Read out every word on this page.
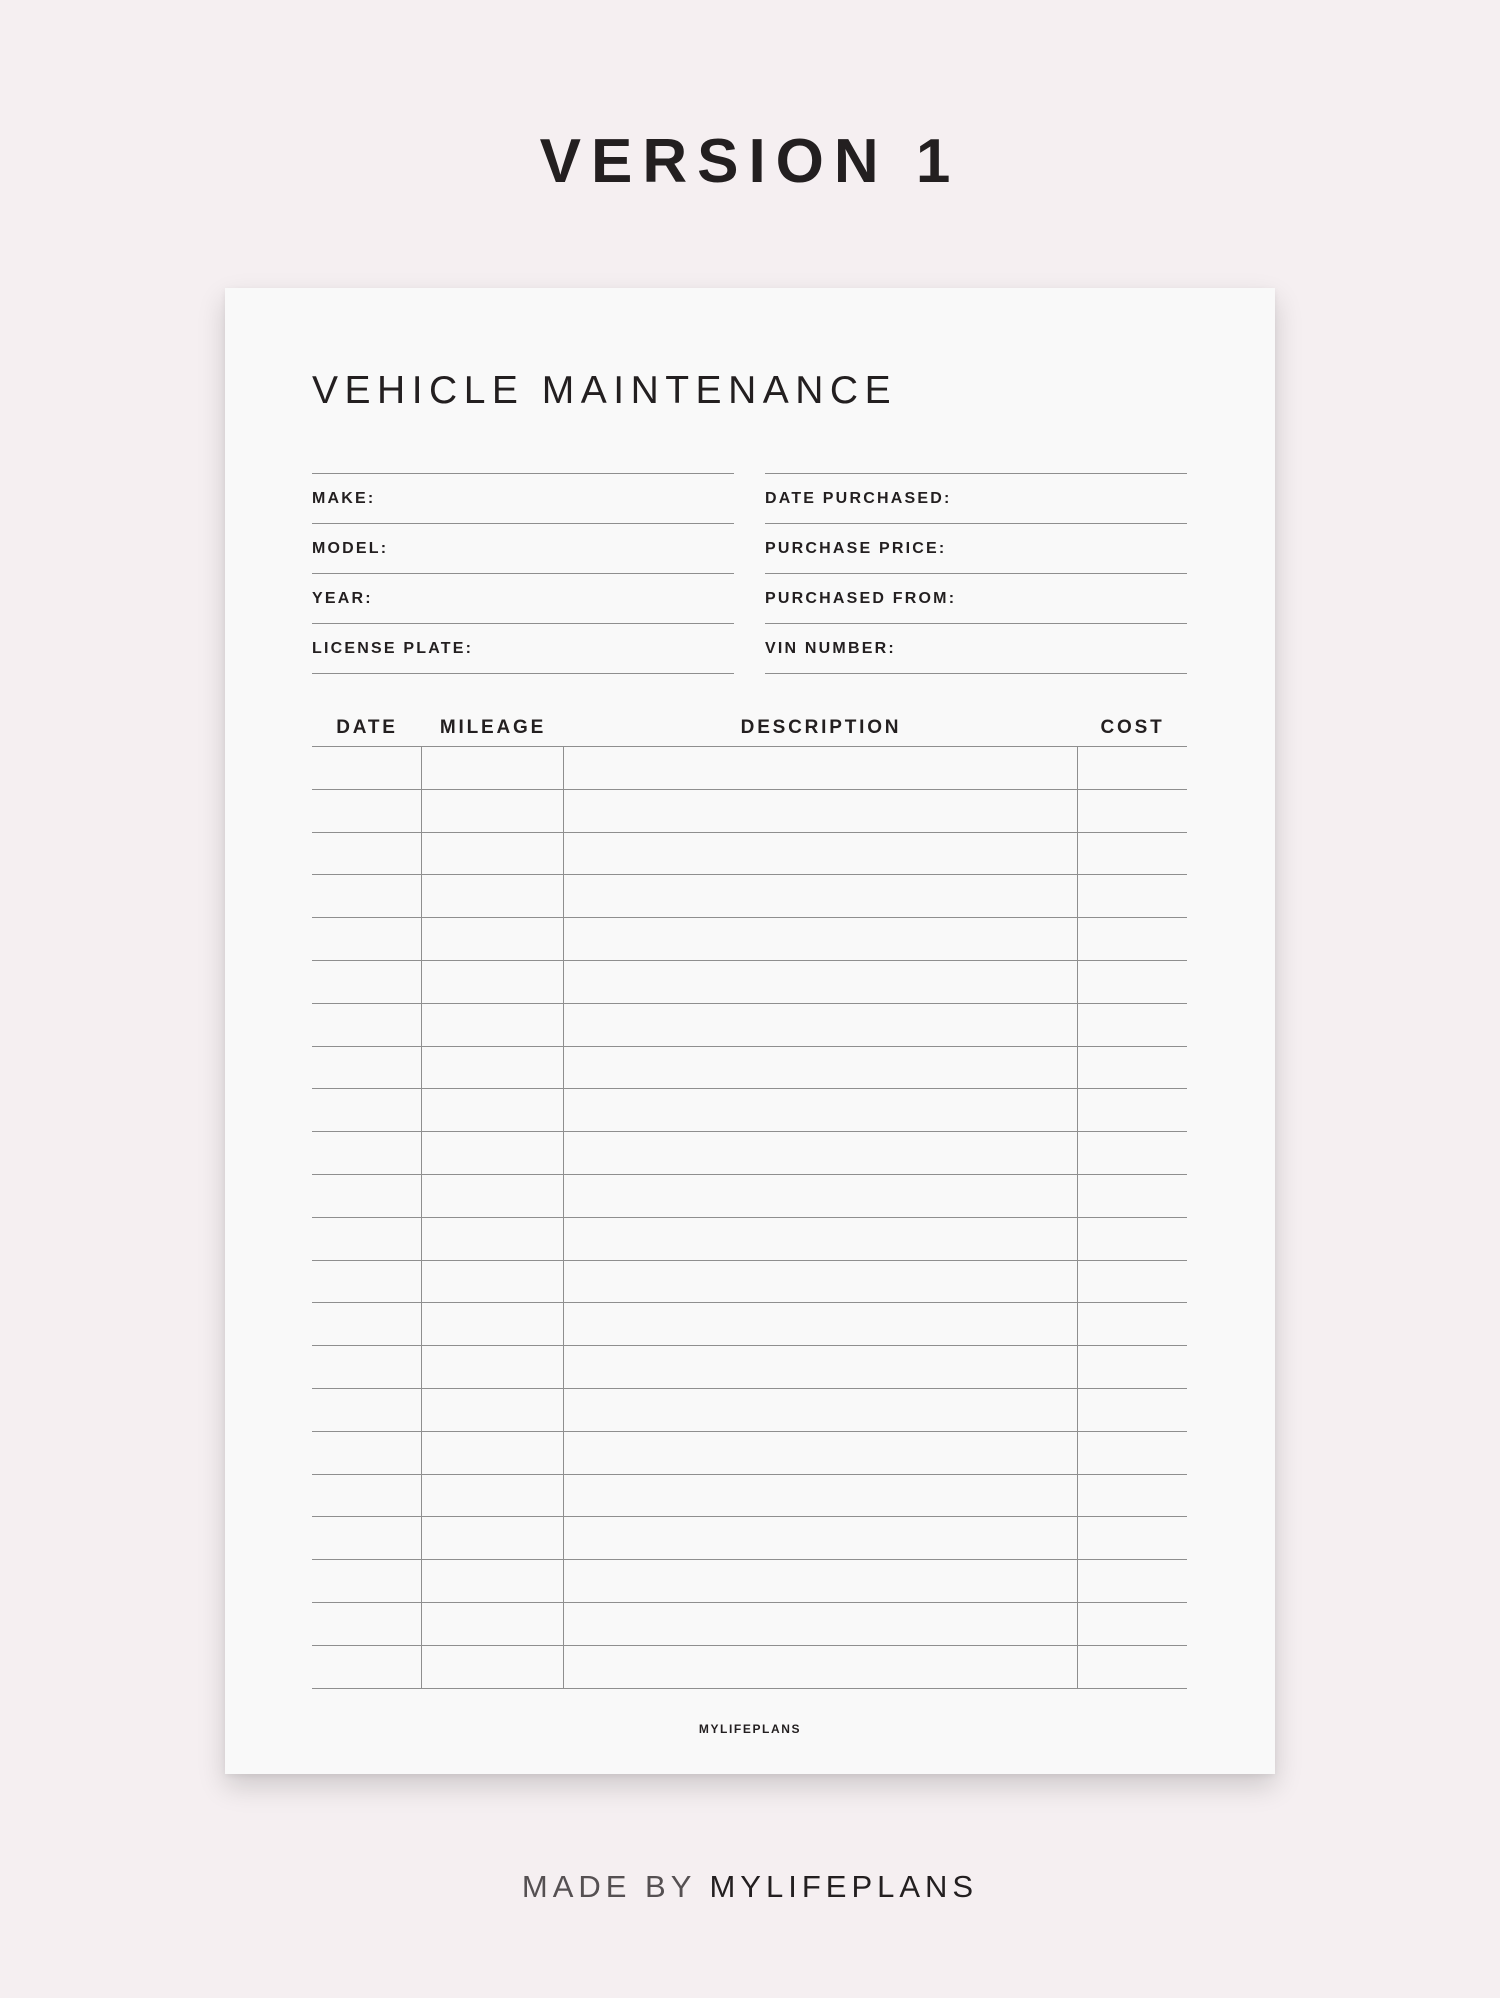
VERSION 1
VEHICLE MAINTENANCE
MAKE:
MODEL:
YEAR:
LICENSE PLATE:
DATE PURCHASED:
PURCHASE PRICE:
PURCHASED FROM:
VIN NUMBER:
DATE	MILEAGE	DESCRIPTION	COST
MYLIFEPLANS
MADE BY MYLIFEPLANS
